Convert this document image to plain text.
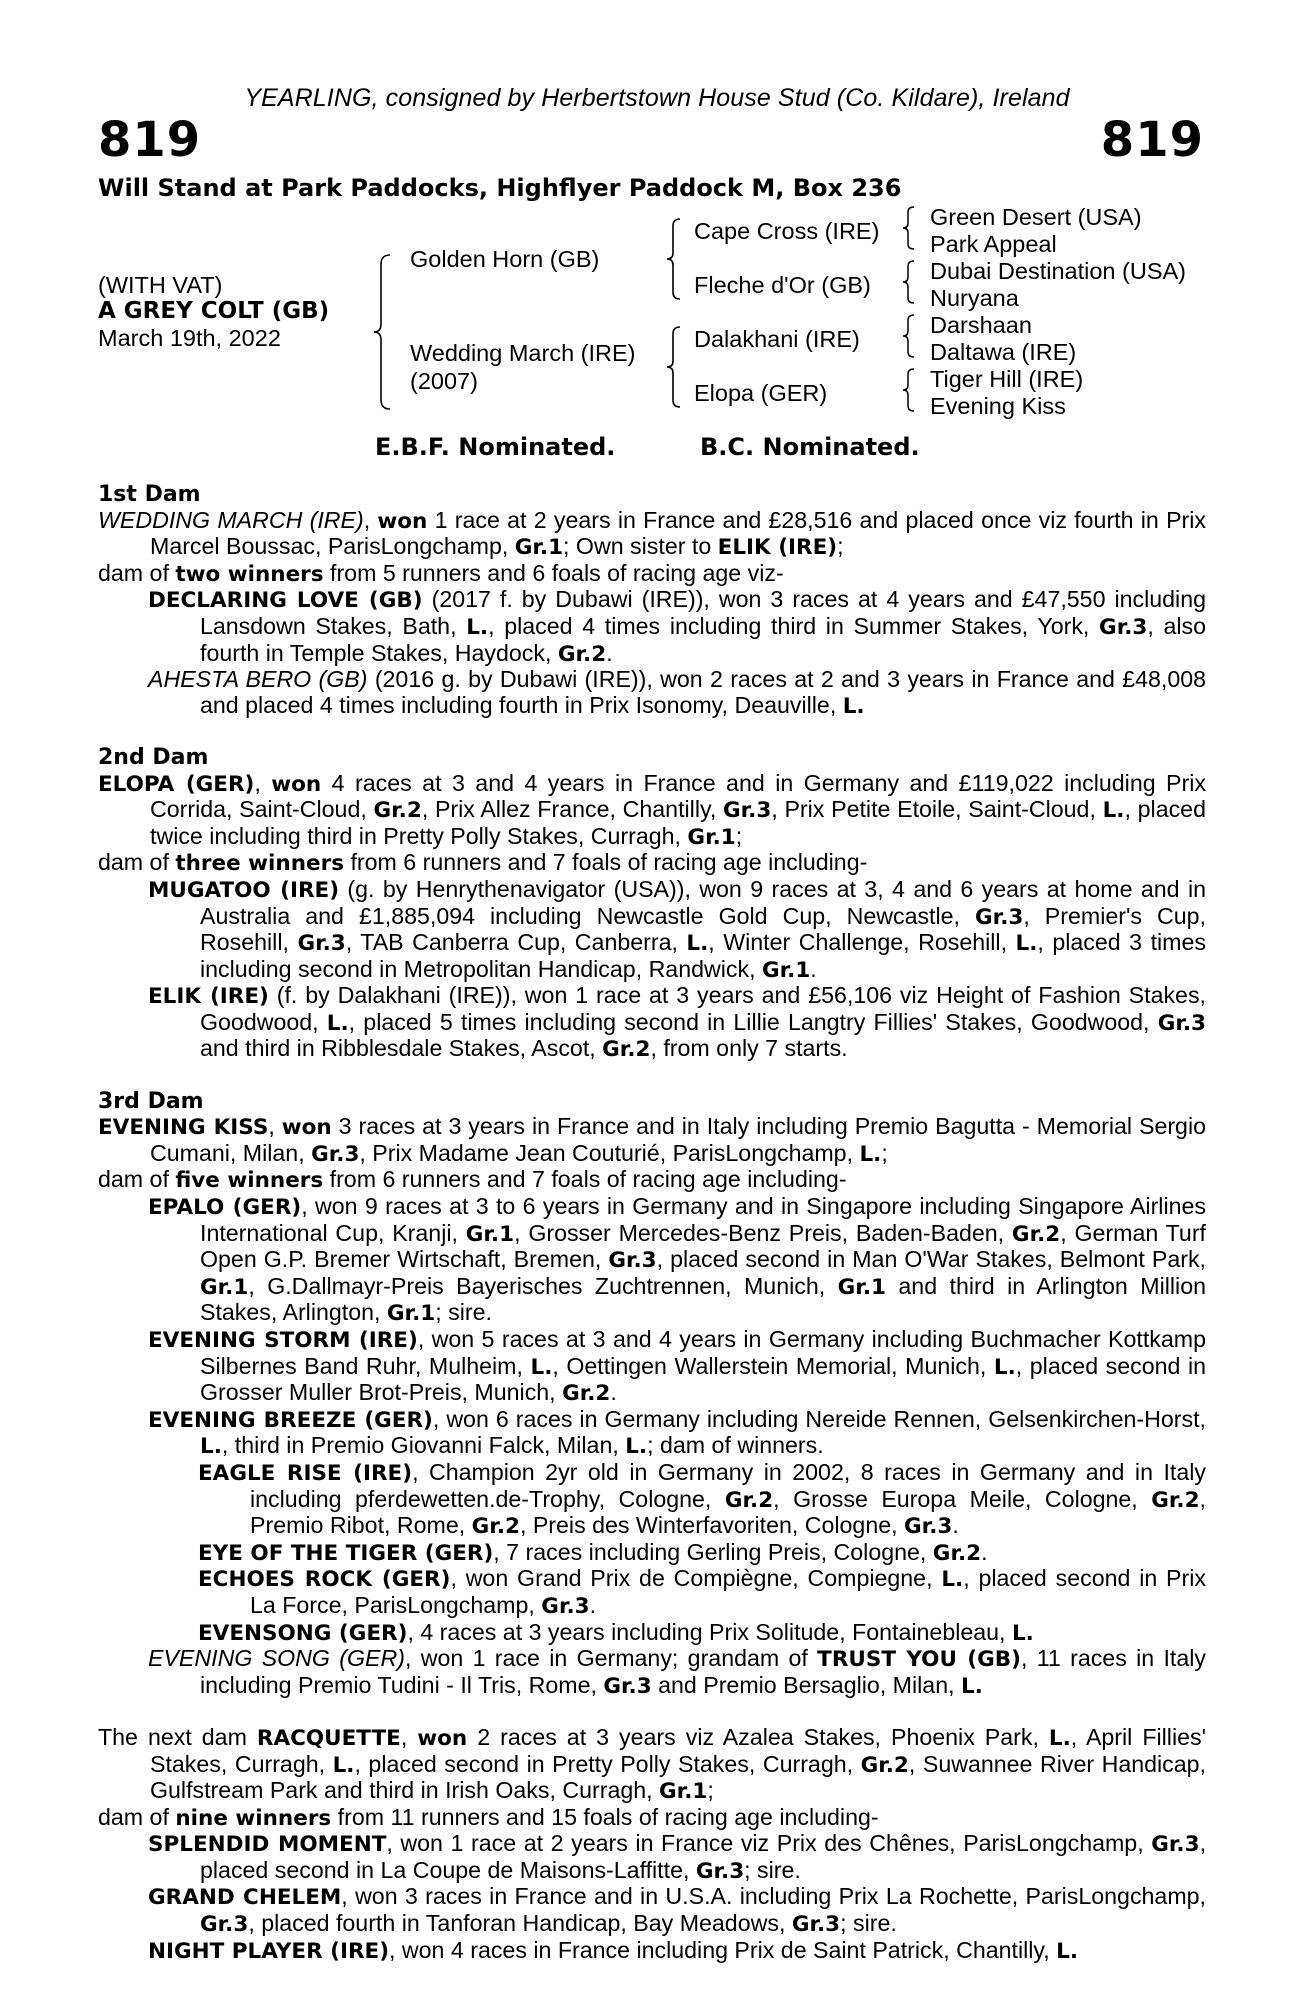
YEARLING, consigned by Herbertstown House Stud (Co. Kildare), Ireland
819	819
Will Stand at Park Paddocks, Highflyer Paddock M, Box 236
(WITH VAT)
A GREY COLT (GB)
March 19th, 2022
Golden Horn (GB)
Wedding March (IRE)
(2007)
Cape Cross (IRE)
Fleche d'Or (GB)
Dalakhani (IRE)
Elopa (GER)
Green Desert (USA)
Park Appeal
Dubai Destination (USA)
Nuryana
Darshaan
Daltawa (IRE)
Tiger Hill (IRE)
Evening Kiss
E.B.F. Nominated.	B.C. Nominated.

1st Dam

WEDDING MARCH (IRE), won 1 race at 2 years in France and £28,516 and placed once viz fourth in Prix Marcel Boussac, ParisLongchamp, Gr.1; Own sister to ELIK (IRE);

dam of two winners from 5 runners and 6 foals of racing age viz-

DECLARING LOVE (GB) (2017 f. by Dubawi (IRE)), won 3 races at 4 years and £47,550 including Lansdown Stakes, Bath, L., placed 4 times including third in Summer Stakes, York, Gr.3, also fourth in Temple Stakes, Haydock, Gr.2.

AHESTA BERO (GB) (2016 g. by Dubawi (IRE)), won 2 races at 2 and 3 years in France and £48,008 and placed 4 times including fourth in Prix Isonomy, Deauville, L.

2nd Dam

ELOPA (GER), won 4 races at 3 and 4 years in France and in Germany and £119,022 including Prix Corrida, Saint-Cloud, Gr.2, Prix Allez France, Chantilly, Gr.3, Prix Petite Etoile, Saint-Cloud, L., placed twice including third in Pretty Polly Stakes, Curragh, Gr.1;

dam of three winners from 6 runners and 7 foals of racing age including-

MUGATOO (IRE) (g. by Henrythenavigator (USA)), won 9 races at 3, 4 and 6 years at home and in Australia and £1,885,094 including Newcastle Gold Cup, Newcastle, Gr.3, Premier's Cup, Rosehill, Gr.3, TAB Canberra Cup, Canberra, L., Winter Challenge, Rosehill, L., placed 3 times including second in Metropolitan Handicap, Randwick, Gr.1.

ELIK (IRE) (f. by Dalakhani (IRE)), won 1 race at 3 years and £56,106 viz Height of Fashion Stakes, Goodwood, L., placed 5 times including second in Lillie Langtry Fillies' Stakes, Goodwood, Gr.3 and third in Ribblesdale Stakes, Ascot, Gr.2, from only 7 starts.

3rd Dam

EVENING KISS, won 3 races at 3 years in France and in Italy including Premio Bagutta - Memorial Sergio Cumani, Milan, Gr.3, Prix Madame Jean Couturié, ParisLongchamp, L.;

dam of five winners from 6 runners and 7 foals of racing age including-

EPALO (GER), won 9 races at 3 to 6 years in Germany and in Singapore including Singapore Airlines International Cup, Kranji, Gr.1, Grosser Mercedes-Benz Preis, Baden-Baden, Gr.2, German Turf Open G.P. Bremer Wirtschaft, Bremen, Gr.3, placed second in Man O'War Stakes, Belmont Park, Gr.1, G.Dallmayr-Preis Bayerisches Zuchtrennen, Munich, Gr.1 and third in Arlington Million Stakes, Arlington, Gr.1; sire.

EVENING STORM (IRE), won 5 races at 3 and 4 years in Germany including Buchmacher Kottkamp Silbernes Band Ruhr, Mulheim, L., Oettingen Wallerstein Memorial, Munich, L., placed second in Grosser Muller Brot-Preis, Munich, Gr.2.

EVENING BREEZE (GER), won 6 races in Germany including Nereide Rennen, Gelsenkirchen-Horst, L., third in Premio Giovanni Falck, Milan, L.; dam of winners.

EAGLE RISE (IRE), Champion 2yr old in Germany in 2002, 8 races in Germany and in Italy including pferdewetten.de-Trophy, Cologne, Gr.2, Grosse Europa Meile, Cologne, Gr.2, Premio Ribot, Rome, Gr.2, Preis des Winterfavoriten, Cologne, Gr.3.

EYE OF THE TIGER (GER), 7 races including Gerling Preis, Cologne, Gr.2.

ECHOES ROCK (GER), won Grand Prix de Compiègne, Compiegne, L., placed second in Prix La Force, ParisLongchamp, Gr.3.

EVENSONG (GER), 4 races at 3 years including Prix Solitude, Fontainebleau, L.

EVENING SONG (GER), won 1 race in Germany; grandam of TRUST YOU (GB), 11 races in Italy including Premio Tudini - Il Tris, Rome, Gr.3 and Premio Bersaglio, Milan, L.

The next dam RACQUETTE, won 2 races at 3 years viz Azalea Stakes, Phoenix Park, L., April Fillies' Stakes, Curragh, L., placed second in Pretty Polly Stakes, Curragh, Gr.2, Suwannee River Handicap, Gulfstream Park and third in Irish Oaks, Curragh, Gr.1;

dam of nine winners from 11 runners and 15 foals of racing age including-

SPLENDID MOMENT, won 1 race at 2 years in France viz Prix des Chênes, ParisLongchamp, Gr.3, placed second in La Coupe de Maisons-Laffitte, Gr.3; sire.

GRAND CHELEM, won 3 races in France and in U.S.A. including Prix La Rochette, ParisLongchamp, Gr.3, placed fourth in Tanforan Handicap, Bay Meadows, Gr.3; sire.

NIGHT PLAYER (IRE), won 4 races in France including Prix de Saint Patrick, Chantilly, L.
